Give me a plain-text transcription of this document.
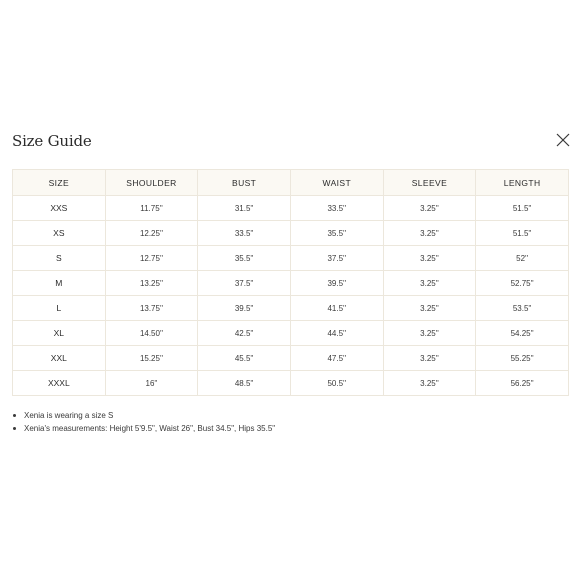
Size Guide
SIZE	SHOULDER	BUST	WAIST	SLEEVE	LENGTH
XXS	11.75''	31.5''	33.5''	3.25''	51.5''
XS	12.25''	33.5''	35.5''	3.25''	51.5''
S	12.75''	35.5''	37.5''	3.25''	52''
M	13.25''	37.5''	39.5''	3.25''	52.75''
L	13.75''	39.5''	41.5''	3.25''	53.5''
XL	14.50''	42.5''	44.5''	3.25''	54.25''
XXL	15.25''	45.5''	47.5''	3.25''	55.25''
XXXL	16''	48.5''	50.5''	3.25''	56.25''
Xenia is wearing a size S
Xenia's measurements: Height 5'9.5", Waist 26", Bust 34.5", Hips 35.5"
